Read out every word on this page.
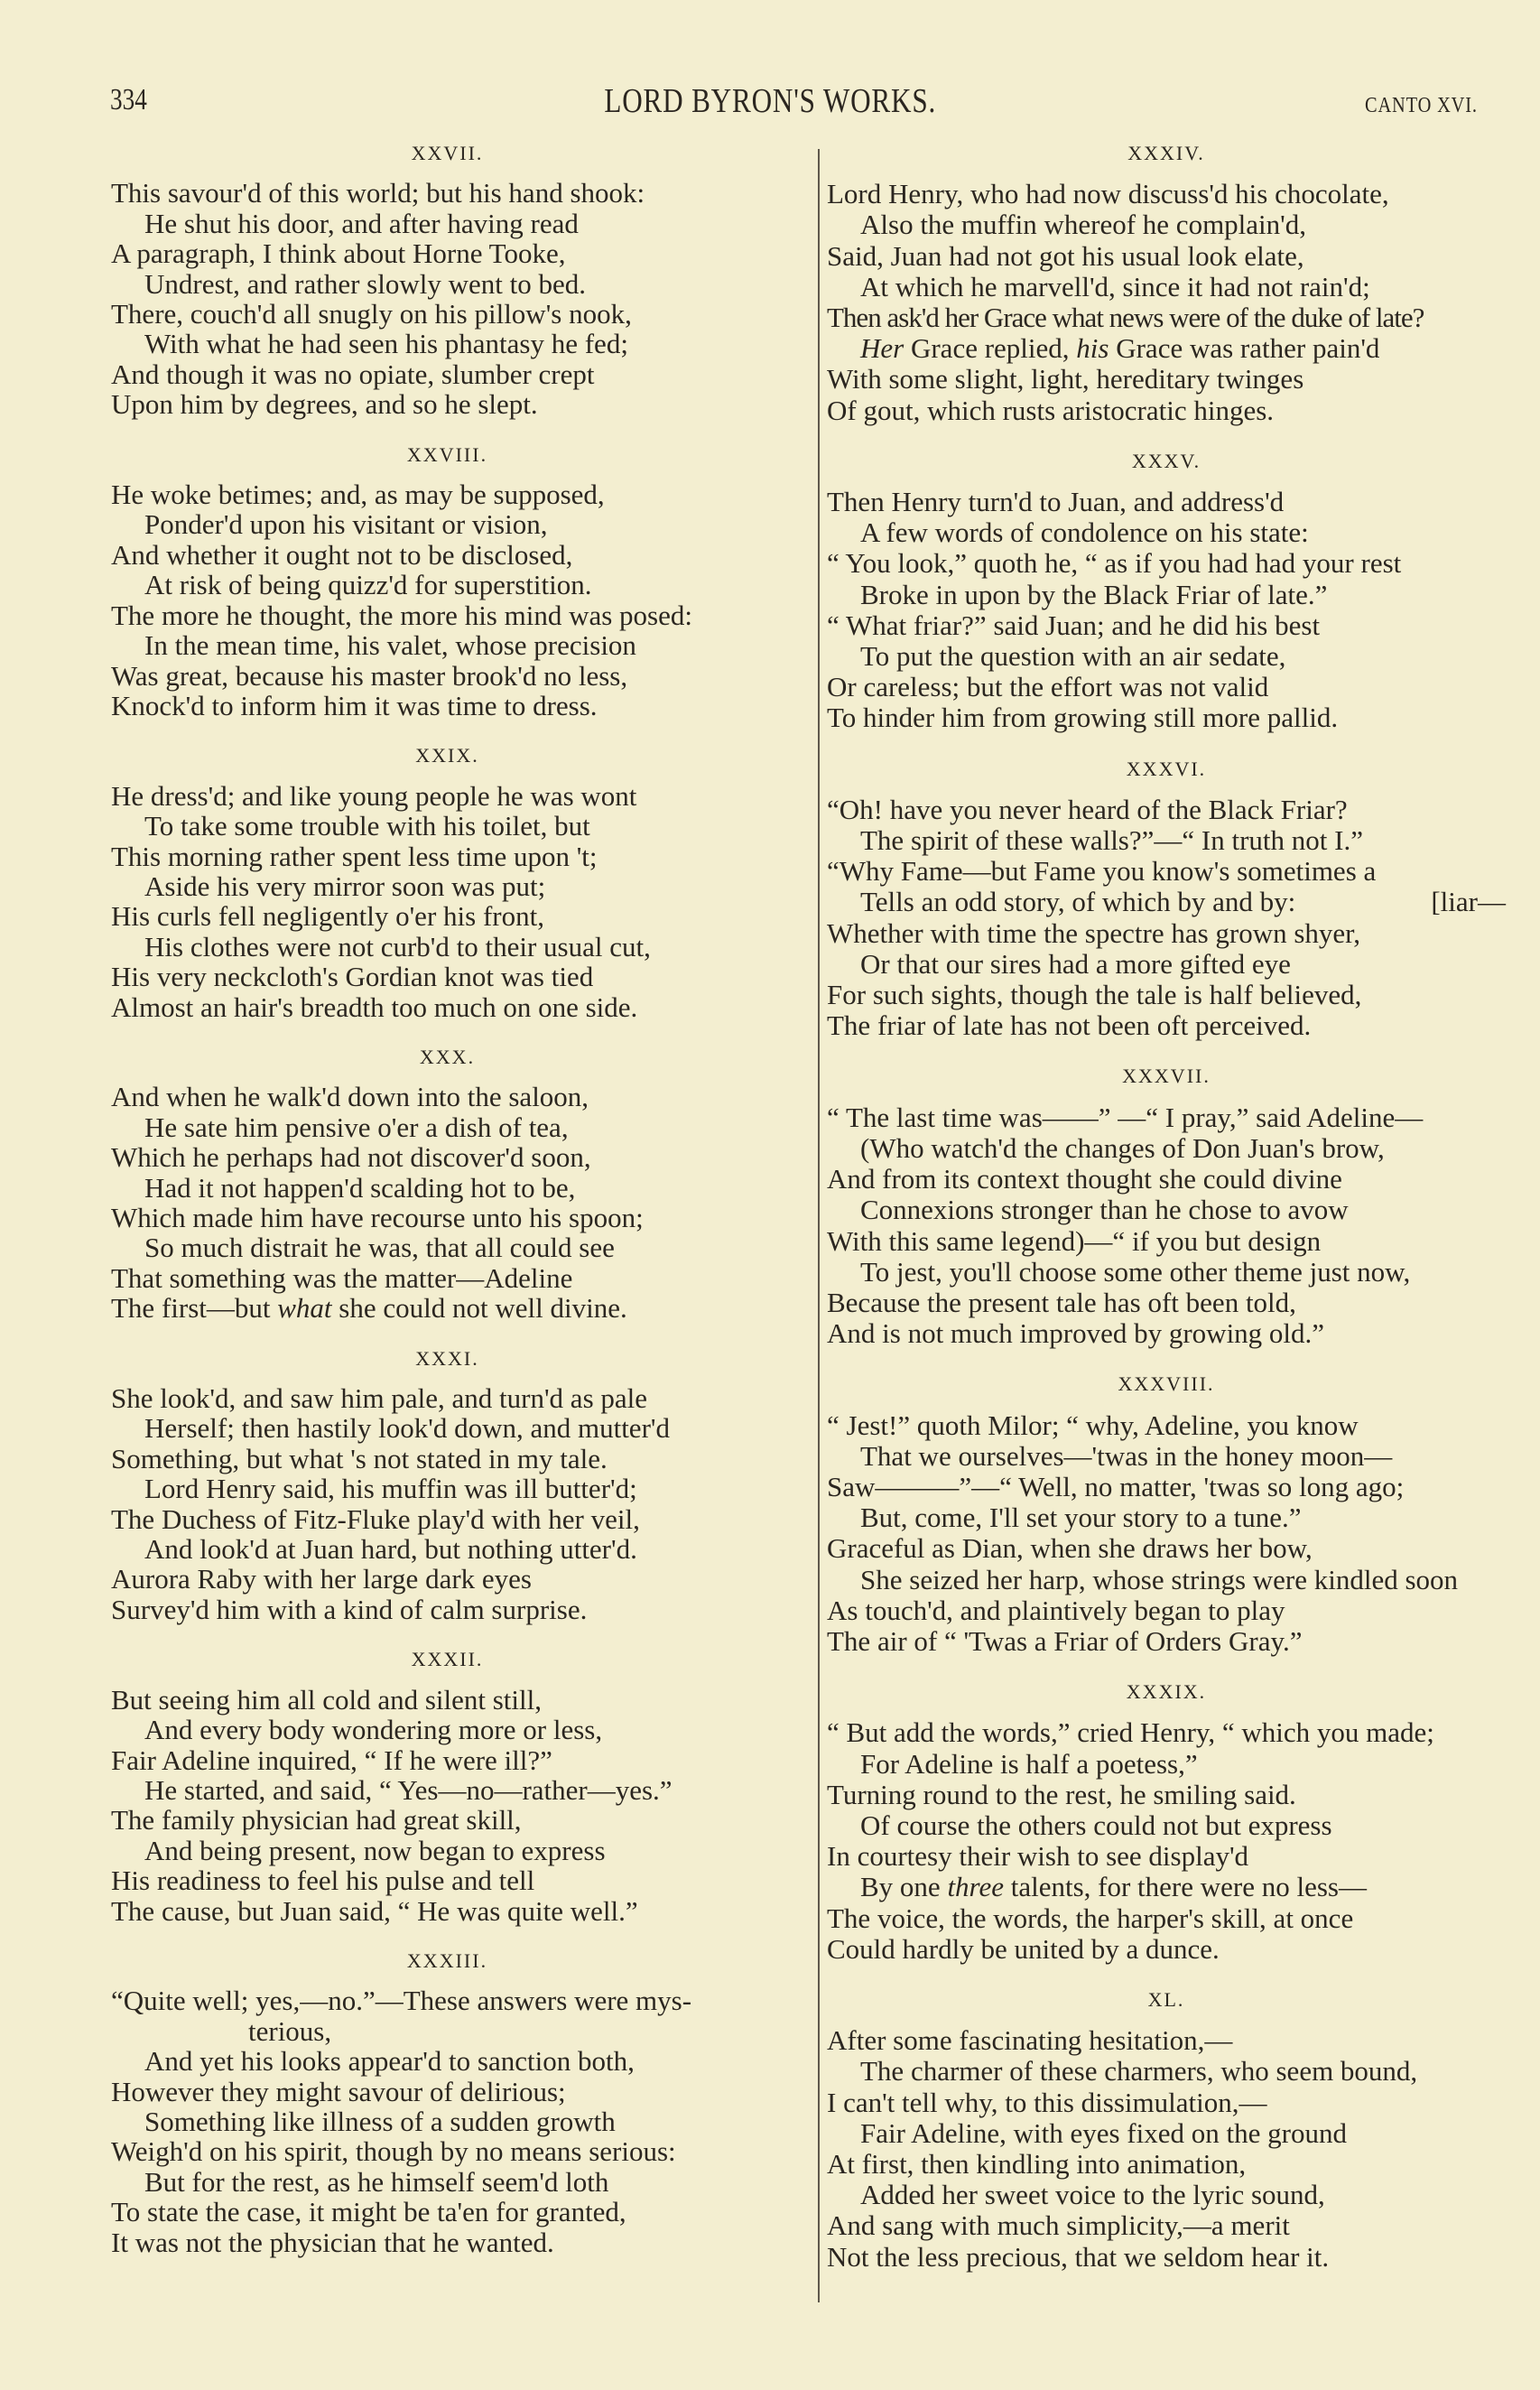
334	LORD BYRON'S WORKS.	CANTO XVI.
XXVII.
This savour'd of this world; but his hand shook:
He shut his door, and after having read
A paragraph, I think about Horne Tooke,
Undrest, and rather slowly went to bed.
There, couch'd all snugly on his pillow's nook,
With what he had seen his phantasy he fed;
And though it was no opiate, slumber crept
Upon him by degrees, and so he slept.
XXVIII.
He woke betimes; and, as may be supposed,
Ponder'd upon his visitant or vision,
And whether it ought not to be disclosed,
At risk of being quizz'd for superstition.
The more he thought, the more his mind was posed:
In the mean time, his valet, whose precision
Was great, because his master brook'd no less,
Knock'd to inform him it was time to dress.
XXIX.
He dress'd; and like young people he was wont
To take some trouble with his toilet, but
This morning rather spent less time upon 't;
Aside his very mirror soon was put;
His curls fell negligently o'er his front,
His clothes were not curb'd to their usual cut,
His very neckcloth's Gordian knot was tied
Almost an hair's breadth too much on one side.
XXX.
And when he walk'd down into the saloon,
He sate him pensive o'er a dish of tea,
Which he perhaps had not discover'd soon,
Had it not happen'd scalding hot to be,
Which made him have recourse unto his spoon;
So much distrait he was, that all could see
That something was the matter—Adeline
The first—but what she could not well divine.
XXXI.
She look'd, and saw him pale, and turn'd as pale
Herself; then hastily look'd down, and mutter'd
Something, but what 's not stated in my tale.
Lord Henry said, his muffin was ill butter'd;
The Duchess of Fitz-Fluke play'd with her veil,
And look'd at Juan hard, but nothing utter'd.
Aurora Raby with her large dark eyes
Survey'd him with a kind of calm surprise.
XXXII.
But seeing him all cold and silent still,
And every body wondering more or less,
Fair Adeline inquired, “ If he were ill?”
He started, and said, “ Yes—no—rather—yes.”
The family physician had great skill,
And being present, now began to express
His readiness to feel his pulse and tell
The cause, but Juan said, “ He was quite well.”
XXXIII.
“Quite well; yes,—no.”—These answers were mys-
terious,
And yet his looks appear'd to sanction both,
However they might savour of delirious;
Something like illness of a sudden growth
Weigh'd on his spirit, though by no means serious:
But for the rest, as he himself seem'd loth
To state the case, it might be ta'en for granted,
It was not the physician that he wanted.
XXXIV.
Lord Henry, who had now discuss'd his chocolate,
Also the muffin whereof he complain'd,
Said, Juan had not got his usual look elate,
At which he marvell'd, since it had not rain'd;
Then ask'd her Grace what news were of the duke of late?
Her Grace replied, his Grace was rather pain'd
With some slight, light, hereditary twinges
Of gout, which rusts aristocratic hinges.
XXXV.
Then Henry turn'd to Juan, and address'd
A few words of condolence on his state:
“ You look,” quoth he, “ as if you had had your rest
Broke in upon by the Black Friar of late.”
“ What friar?” said Juan; and he did his best
To put the question with an air sedate,
Or careless; but the effort was not valid
To hinder him from growing still more pallid.
XXXVI.
“Oh! have you never heard of the Black Friar?
The spirit of these walls?”—“ In truth not I.”
“Why Fame—but Fame you know's sometimes a
Tells an odd story, of which by and by:	[liar—
Whether with time the spectre has grown shyer,
Or that our sires had a more gifted eye
For such sights, though the tale is half believed,
The friar of late has not been oft perceived.
XXXVII.
“ The last time was——” —“ I pray,” said Adeline—
(Who watch'd the changes of Don Juan's brow,
And from its context thought she could divine
Connexions stronger than he chose to avow
With this same legend)—“ if you but design
To jest, you'll choose some other theme just now,
Because the present tale has oft been told,
And is not much improved by growing old.”
XXXVIII.
“ Jest!” quoth Milor; “ why, Adeline, you know
That we ourselves—'twas in the honey moon—
Saw———”—“ Well, no matter, 'twas so long ago;
But, come, I'll set your story to a tune.”
Graceful as Dian, when she draws her bow,
She seized her harp, whose strings were kindled soon
As touch'd, and plaintively began to play
The air of “ 'Twas a Friar of Orders Gray.”
XXXIX.
“ But add the words,” cried Henry, “ which you made;
For Adeline is half a poetess,”
Turning round to the rest, he smiling said.
Of course the others could not but express
In courtesy their wish to see display'd
By one three talents, for there were no less—
The voice, the words, the harper's skill, at once
Could hardly be united by a dunce.
XL.
After some fascinating hesitation,—
The charmer of these charmers, who seem bound,
I can't tell why, to this dissimulation,—
Fair Adeline, with eyes fixed on the ground
At first, then kindling into animation,
Added her sweet voice to the lyric sound,
And sang with much simplicity,—a merit
Not the less precious, that we seldom hear it.
